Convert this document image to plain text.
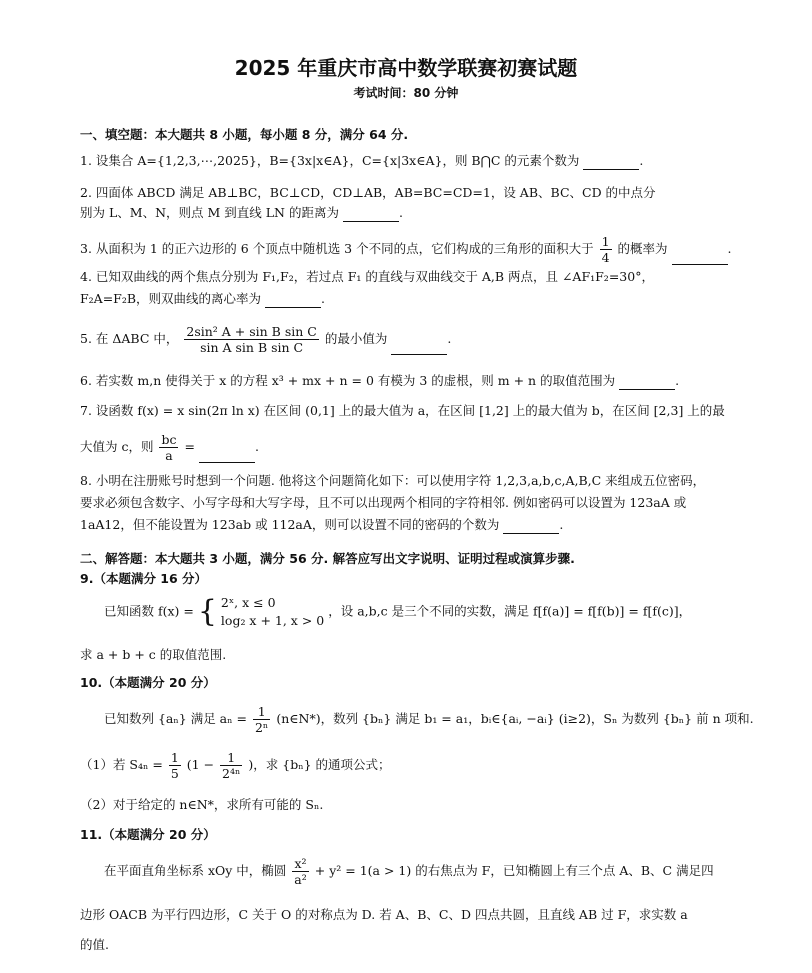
2025 年重庆市高中数学联赛初赛试题
考试时间：80 分钟
一、填空题：本大题共 8 小题，每小题 8 分，满分 64 分.
1. 设集合 A={1,2,3,⋯,2025}，B={3x|x∈A}，C={x|3x∈A}，则 B⋂C 的元素个数为	.
2. 四面体 ABCD 满足 AB⊥BC，BC⊥CD，CD⊥AB，AB=BC=CD=1，设 AB、BC、CD 的中点分
别为 L、M、N，则点 M 到直线 LN 的距离为	.
3. 从面积为 1 的正六边形的 6 个顶点中随机选 3 个不同的点，它们构成的三角形的面积大于 $\frac{1}{4}$ 的概率为	.
4. 已知双曲线的两个焦点分别为 F₁,F₂，若过点 F₁ 的直线与双曲线交于 A,B 两点，且 ∠AF₁F₂=30°，
F₂A=F₂B，则双曲线的离心率为	.
5. 在 ΔABC 中， $\frac{\text{2sin² A + sin B sin C}}{\text{sin A sin B sin C}}$ 的最小值为	.
6. 若实数 m,n 使得关于 x 的方程 x³ + mx + n = 0 有模为 3 的虚根，则 m + n 的取值范围为	.
7. 设函数 f(x) = x sin(2π ln x) 在区间 (0,1] 上的最大值为 a，在区间 [1,2] 上的最大值为 b，在区间 [2,3] 上的最
大值为 c，则 $\frac{bc}{a}$ =	.
8. 小明在注册账号时想到一个问题. 他将这个问题简化如下：可以使用字符 1,2,3,a,b,c,A,B,C 来组成五位密码，
要求必须包含数字、小写字母和大写字母，且不可以出现两个相同的字符相邻. 例如密码可以设置为 123aA 或
1aA12，但不能设置为 123ab 或 112aA，则可以设置不同的密码的个数为	.
二、解答题：本大题共 3 小题，满分 56 分. 解答应写出文字说明、证明过程或演算步骤.
9.（本题满分 16 分）
已知函数 f(x) = { 2ˣ, x ≤ 0
log₂ x + 1, x > 0
，设 a,b,c 是三个不同的实数，满足 f[f(a)] = f[f(b)] = f[f(c)]，
求 a + b + c 的取值范围.
10.（本题满分 20 分）
已知数列 {aₙ} 满足 $a_n = \frac{1}{\text{2ⁿ}}$ (n∈N*)，数列 {bₙ} 满足 b₁ = a₁，bᵢ∈{aᵢ, −aᵢ} (i≥2)，Sₙ 为数列 {bₙ} 前 n 项和.
（1）若 $S_{4n} = \frac{1}{5} (1 - \frac{1}{\text{2⁴ⁿ}}$ )，求 {bₙ} 的通项公式；
（2）对于给定的 n∈N*，求所有可能的 Sₙ.
11.（本题满分 20 分）
在平面直角坐标系 xOy 中，椭圆 $\frac{\text{x²}}{\text{a²}} + y^2 = 1(a > 1)$ 的右焦点为 F，已知椭圆上有三个点 A、B、C 满足四
边形 OACB 为平行四边形，C 关于 O 的对称点为 D. 若 A、B、C、D 四点共圆，且直线 AB 过 F，求实数 a
的值.
